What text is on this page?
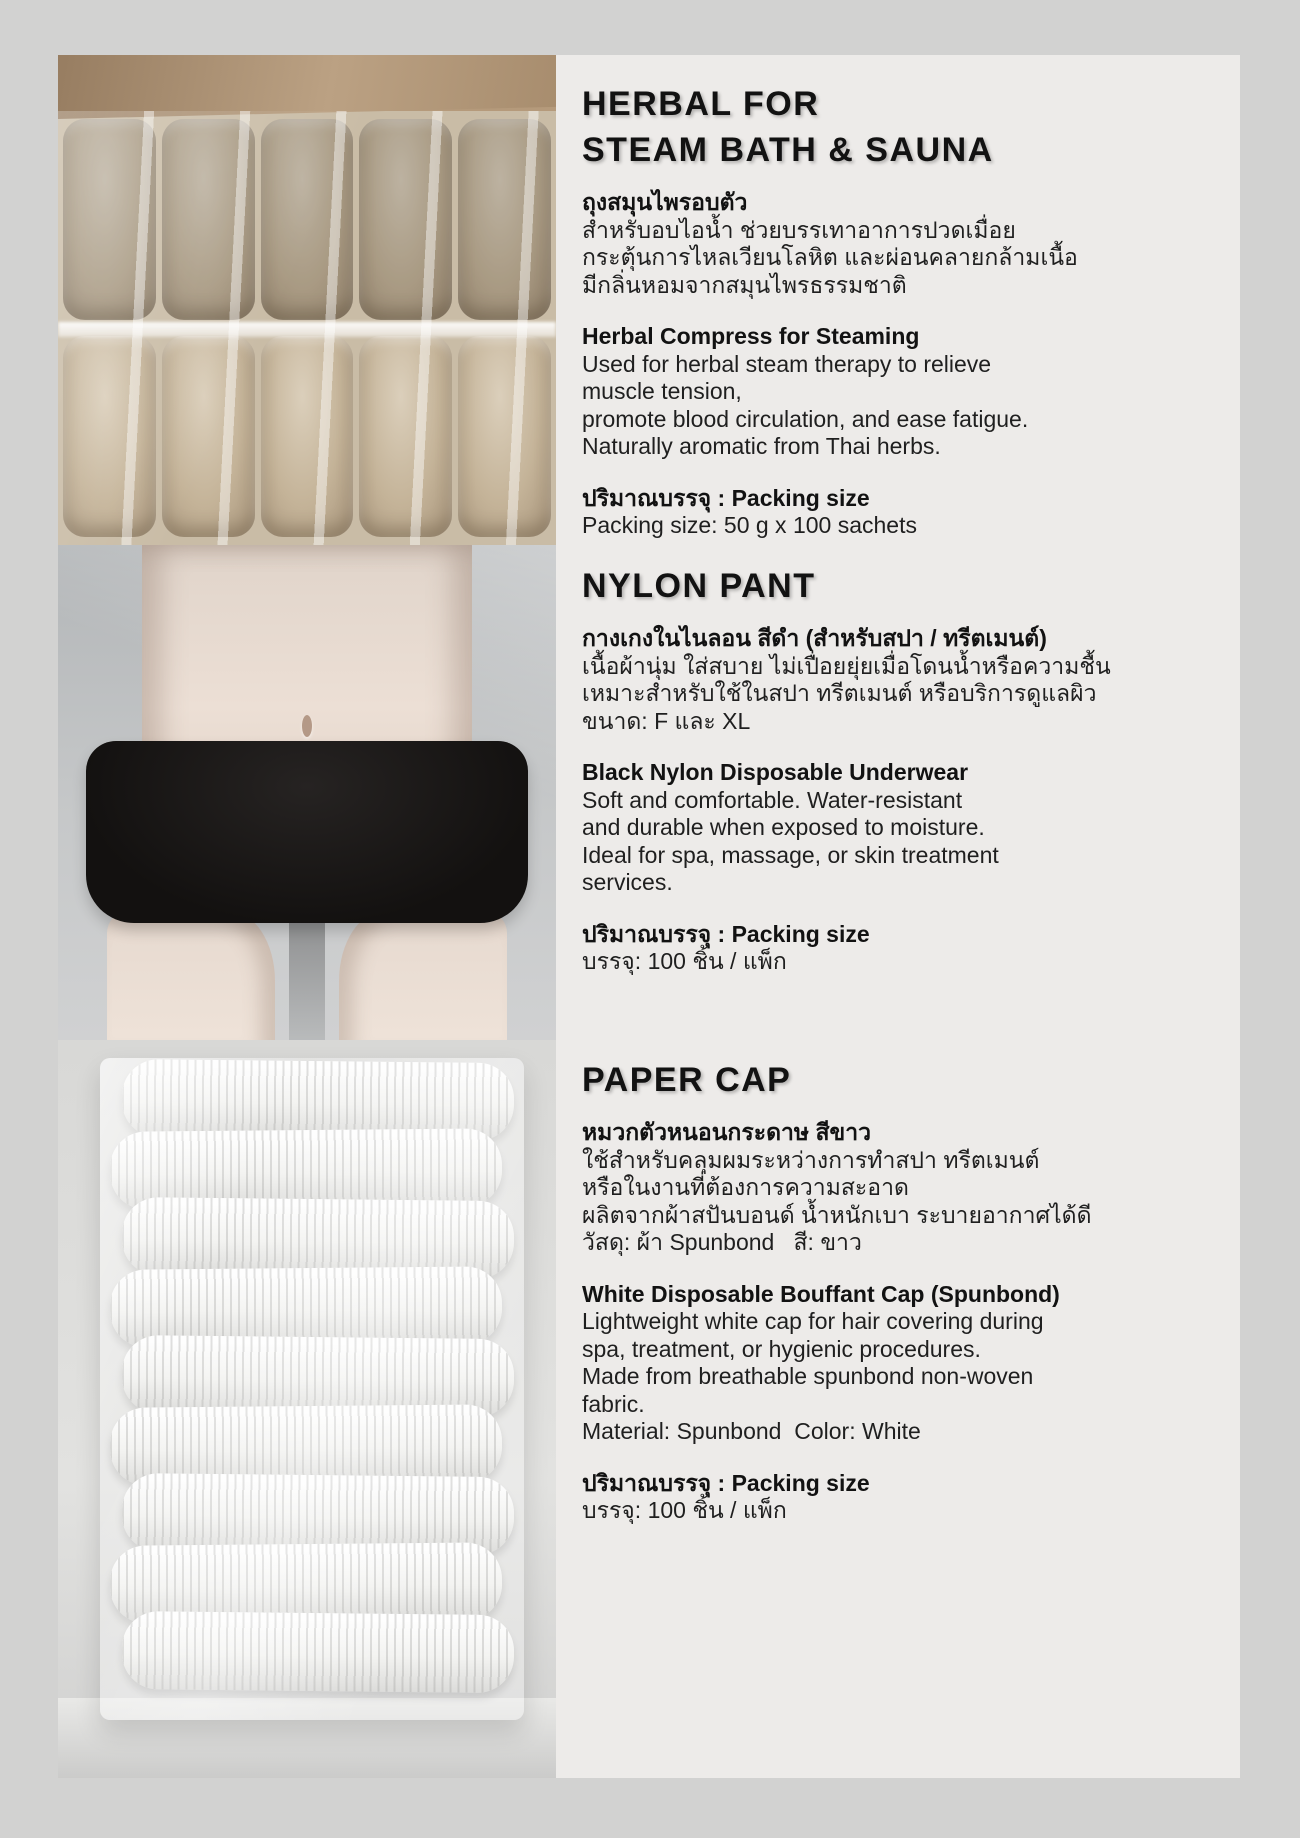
HERBAL FOR
STEAM BATH & SAUNA
ถุงสมุนไพรอบตัว
สำหรับอบไอน้ำ ช่วยบรรเทาอาการปวดเมื่อย
กระตุ้นการไหลเวียนโลหิต และผ่อนคลายกล้ามเนื้อ
มีกลิ่นหอมจากสมุนไพรธรรมชาติ
Herbal Compress for Steaming
Used for herbal steam therapy to relieve
muscle tension,
promote blood circulation, and ease fatigue.
Naturally aromatic from Thai herbs.
ปริมาณบรรจุ : Packing size
Packing size: 50 g x 100 sachets
NYLON PANT
กางเกงในไนลอน สีดำ (สำหรับสปา / ทรีตเมนต์)
เนื้อผ้านุ่ม ใส่สบาย ไม่เปื่อยยุ่ยเมื่อโดนน้ำหรือความชื้น
เหมาะสำหรับใช้ในสปา ทรีตเมนต์ หรือบริการดูแลผิว
ขนาด: F และ XL
Black Nylon Disposable Underwear
Soft and comfortable. Water-resistant
and durable when exposed to moisture.
Ideal for spa, massage, or skin treatment
services.
ปริมาณบรรจุ : Packing size
บรรจุ: 100 ชิ้น / แพ็ก
PAPER CAP
หมวกตัวหนอนกระดาษ สีขาว
ใช้สำหรับคลุมผมระหว่างการทำสปา ทรีตเมนต์
หรือในงานที่ต้องการความสะอาด
ผลิตจากผ้าสปันบอนด์ น้ำหนักเบา ระบายอากาศได้ดี
วัสดุ: ผ้า Spunbond   สี: ขาว
White Disposable Bouffant Cap (Spunbond)
Lightweight white cap for hair covering during
spa, treatment, or hygienic procedures.
Made from breathable spunbond non-woven
fabric.
Material: Spunbond  Color: White
ปริมาณบรรจุ : Packing size
บรรจุ: 100 ชิ้น / แพ็ก
